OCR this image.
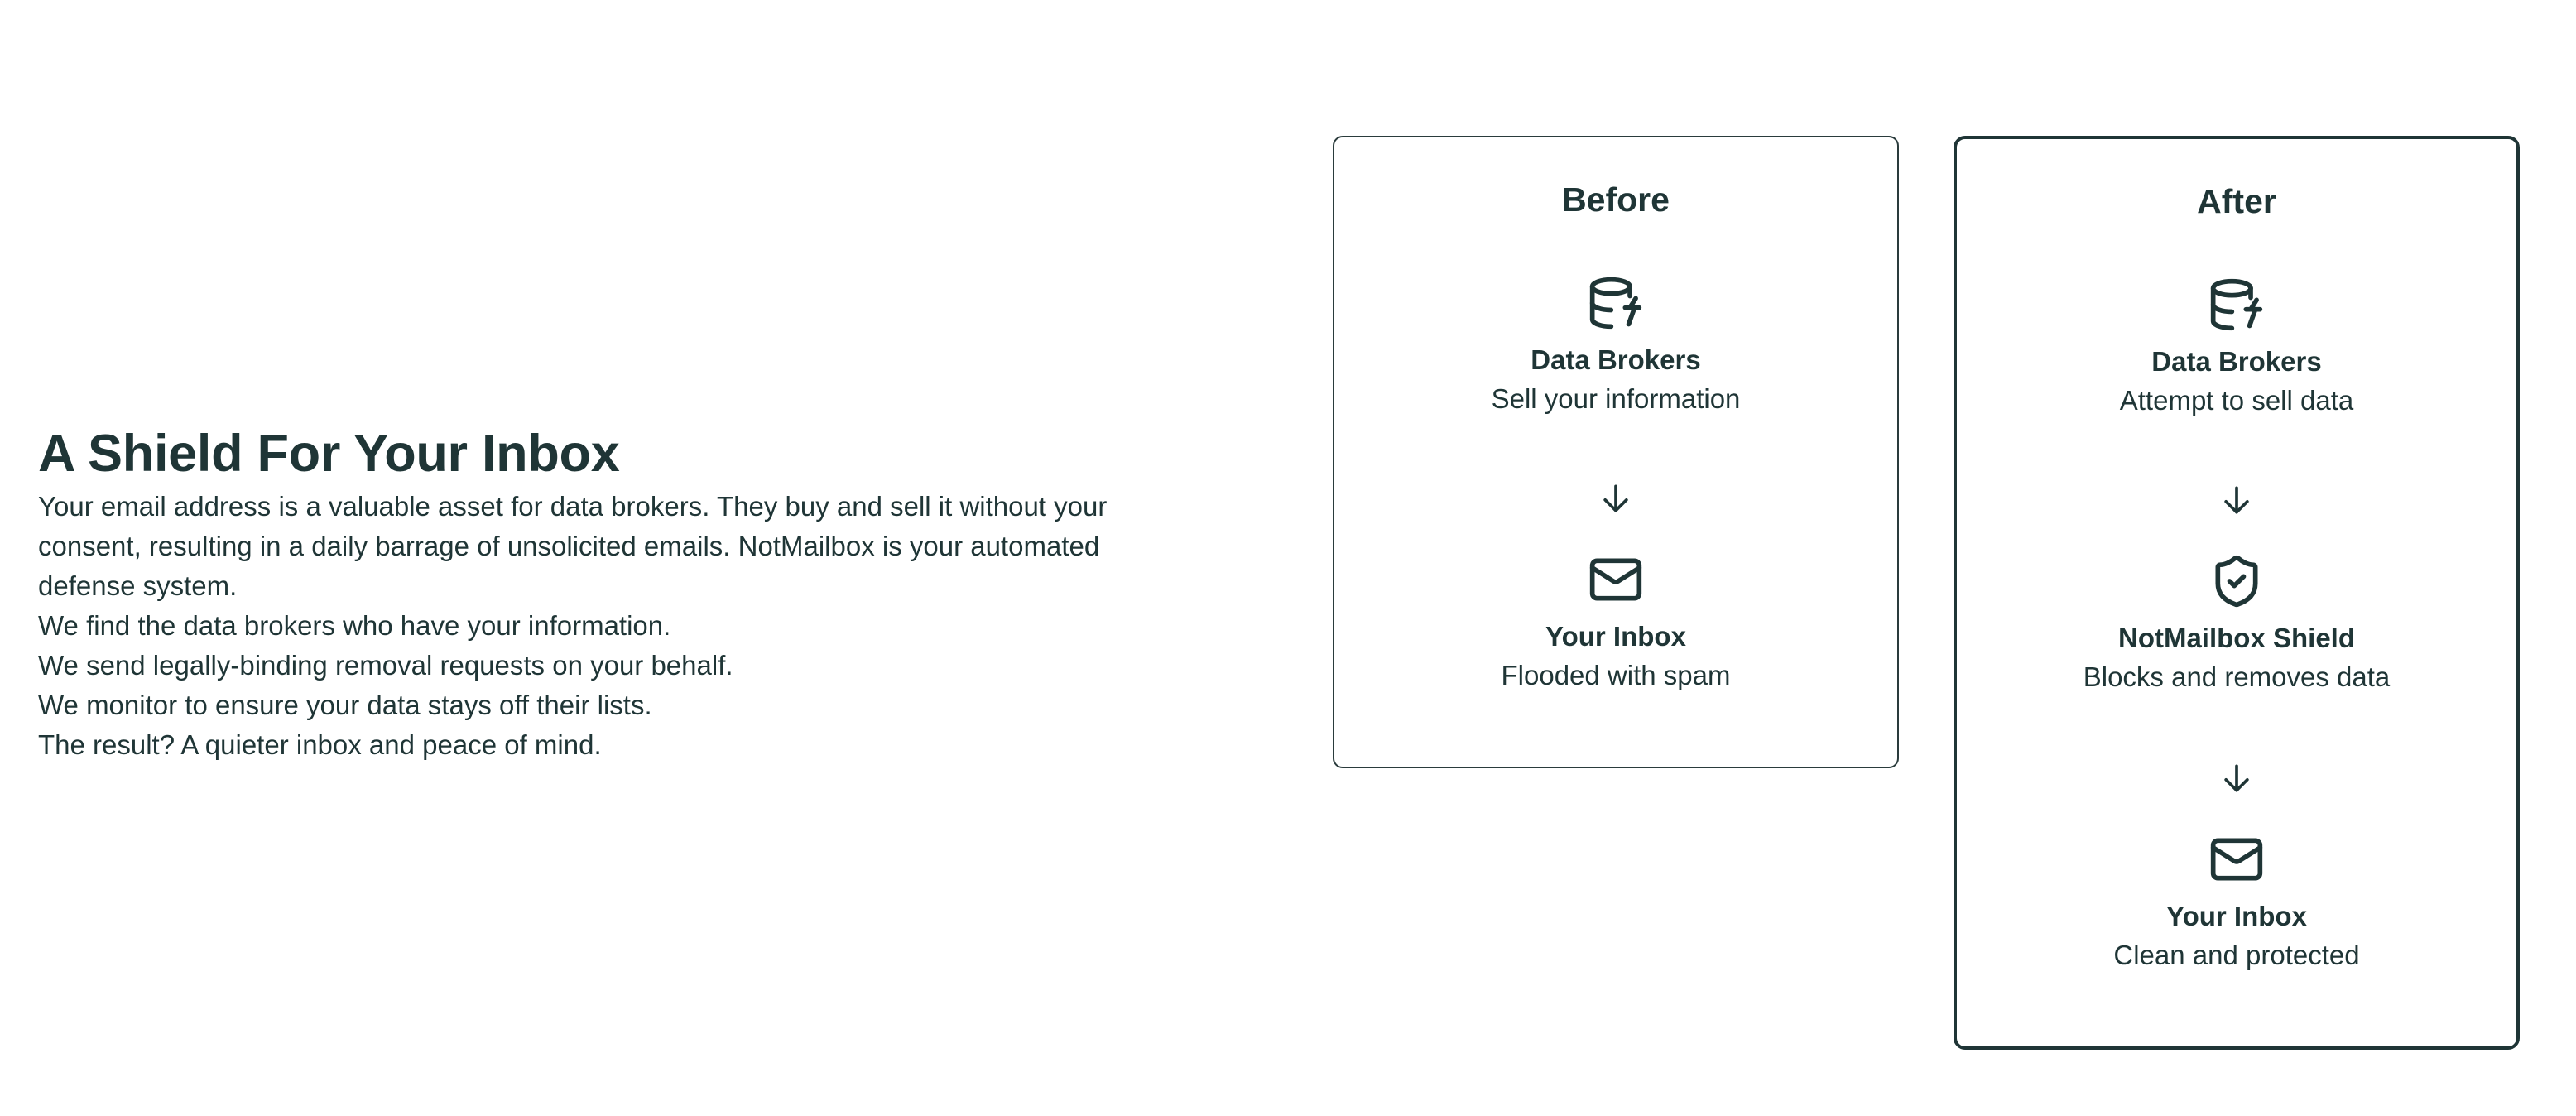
A Shield For Your Inbox

Your email address is a valuable asset for data brokers. They buy and sell it without your consent, resulting in a daily barrage of unsolicited emails. NotMailbox is your automated defense system.

We find the data brokers who have your information.

We send legally-binding removal requests on your behalf.

We monitor to ensure your data stays off their lists.

The result? A quieter inbox and peace of mind.

Before
Data Brokers
Sell your information
Your Inbox
Flooded with spam
After
Data Brokers
Attempt to sell data
NotMailbox Shield
Blocks and removes data
Your Inbox
Clean and protected
